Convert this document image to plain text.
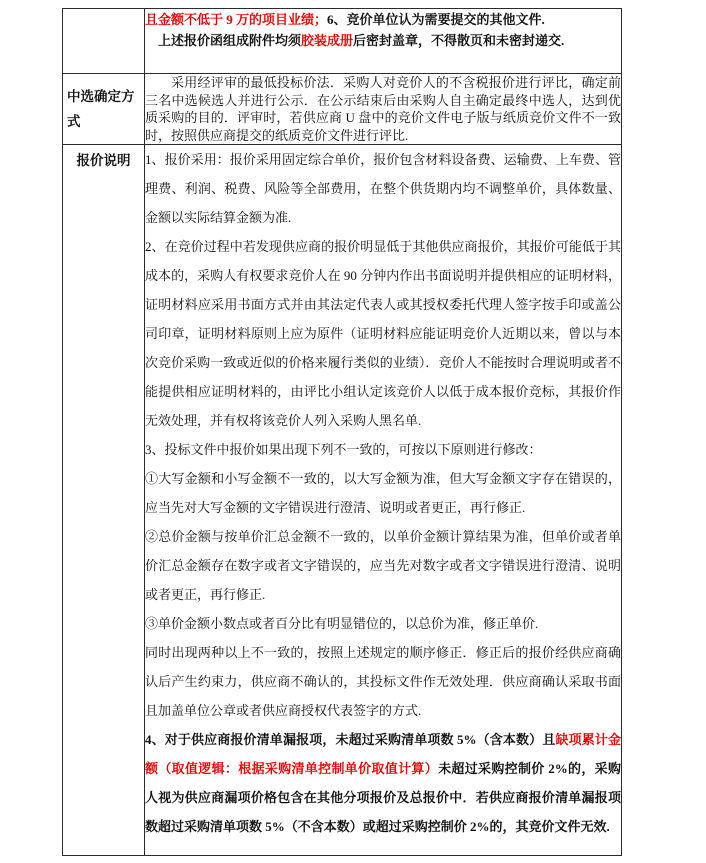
	且金额不低于 9 万的项目业绩；6、竞价单位认为需要提交的其他文件.

上述报价函组成附件均须胶装成册后密封盖章，不得散页和未密封递交.

中选确定方式	采用经评审的最低投标价法．采购人对竞价人的不含税报价进行评比，确定前三名中选候选人并进行公示．在公示结束后由采购人自主确定最终中选人，达到优质采购的目的．评审时，若供应商 U 盘中的竞价文件电子版与纸质竞价文件不一致时，按照供应商提交的纸质竞价文件进行评比.

报价说明	1、报价采用：报价采用固定综合单价，报价包含材料设备费、运输费、上车费、管理费、利润、税费、风险等全部费用，在整个供货期内均不调整单价，具体数量、金额以实际结算金额为准.

2、在竞价过程中若发现供应商的报价明显低于其他供应商报价，其报价可能低于其成本的，采购人有权要求竞价人在 90 分钟内作出书面说明并提供相应的证明材料，证明材料应采用书面方式并由其法定代表人或其授权委托代理人签字按手印或盖公司印章，证明材料原则上应为原件（证明材料应能证明竞价人近期以来，曾以与本次竞价采购一致或近似的价格来履行类似的业绩）．竞价人不能按时合理说明或者不能提供相应证明材料的，由评比小组认定该竞价人以低于成本报价竞标，其报价作无效处理，并有权将该竞价人列入采购人黑名单.

3、投标文件中报价如果出现下列不一致的，可按以下原则进行修改：

①大写金额和小写金额不一致的，以大写金额为准，但大写金额文字存在错误的，应当先对大写金额的文字错误进行澄清、说明或者更正，再行修正.

②总价金额与按单价汇总金额不一致的，以单价金额计算结果为准，但单价或者单价汇总金额存在数字或者文字错误的，应当先对数字或者文字错误进行澄清、说明或者更正，再行修正.

③单价金额小数点或者百分比有明显错位的，以总价为准，修正单价.

同时出现两种以上不一致的，按照上述规定的顺序修正．修正后的报价经供应商确认后产生约束力，供应商不确认的，其投标文件作无效处理．供应商确认采取书面且加盖单位公章或者供应商授权代表签字的方式.

4、对于供应商报价清单漏报项，未超过采购清单项数 5%（含本数）且缺项累计金额（取值逻辑：根据采购清单控制单价取值计算）未超过采购控制价 2%的，采购人视为供应商漏项价格包含在其他分项报价及总报价中．若供应商报价清单漏报项数超过采购清单项数 5%（不含本数）或超过采购控制价 2%的，其竞价文件无效.
